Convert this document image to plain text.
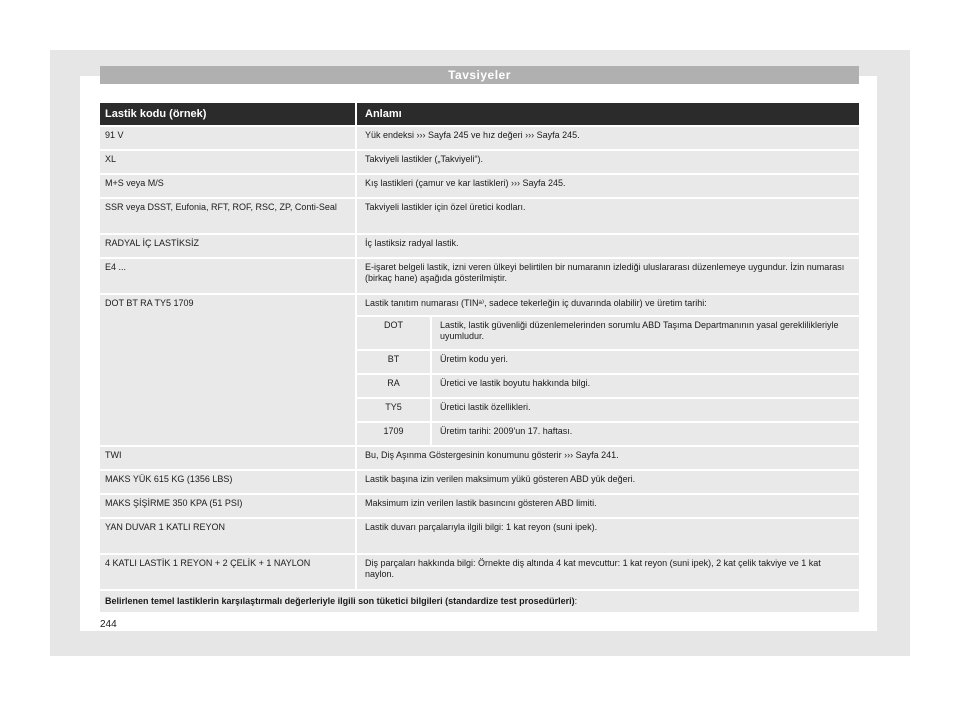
Tavsiyeler
Lastik kodu (örnek)	Anlamı
91 V	Yük endeksi ››› Sayfa 245 ve hız değeri ››› Sayfa 245.
XL	Takviyeli lastikler („Takviyeli“).
M+S veya M/S	Kış lastikleri (çamur ve kar lastikleri) ››› Sayfa 245.
SSR veya DSST, Eufonia, RFT, ROF, RSC, ZP, Conti-Seal	Takviyeli lastikler için özel üretici kodları.
RADYAL İÇ LASTİKSİZ	İç lastiksiz radyal lastik.
E4 ...	E-işaret belgeli lastik, izni veren ülkeyi belirtilen bir numaranın izlediği uluslararası düzenlemeye uygundur. İzin numarası (birkaç hane) aşağıda gösterilmiştir.
DOT BT RA TY5 1709	Lastik tanıtım numarası (TINᵃ⁾, sadece tekerleğin iç duvarında olabilir) ve üretim tarihi:
DOT	Lastik, lastik güvenliği düzenlemelerinden sorumlu ABD Taşıma Departmanının yasal gereklilikleriyle uyumludur.
BT	Üretim kodu yeri.
RA	Üretici ve lastik boyutu hakkında bilgi.
TY5	Üretici lastik özellikleri.
1709	Üretim tarihi: 2009'un 17. haftası.
TWI	Bu, Diş Aşınma Göstergesinin konumunu gösterir ››› Sayfa 241.
MAKS YÜK 615 KG (1356 LBS)	Lastik başına izin verilen maksimum yükü gösteren ABD yük değeri.
MAKS ŞİŞİRME 350 KPA (51 PSI)	Maksimum izin verilen lastik basıncını gösteren ABD limiti.
YAN DUVAR 1 KATLI REYON	Lastik duvarı parçalarıyla ilgili bilgi: 1 kat reyon (suni ipek).
4 KATLI LASTİK 1 REYON + 2 ÇELİK + 1 NAYLON	Diş parçaları hakkında bilgi: Örnekte diş altında 4 kat mevcuttur: 1 kat reyon (suni ipek), 2 kat çelik takviye ve 1 kat naylon.
Belirlenen temel lastiklerin karşılaştırmalı değerleriyle ilgili son tüketici bilgileri (standardize test prosedürleri):
244
